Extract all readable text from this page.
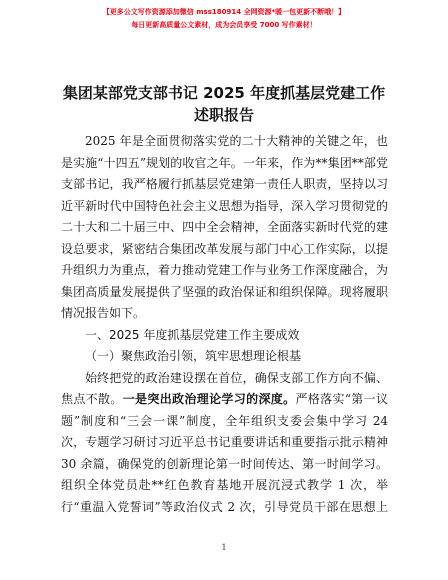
【更多公文写作资源添加微信 mss180914 全网资源*暖一包更新不断哦！】
每日更新高质量公文素材，成为会员享受 7000 写作素材！
集团某部党支部书记 2025 年度抓基层党建工作
述职报告

2025 年是全面贯彻落实党的二十大精神的关键之年，也是实施“十四五”规划的收官之年。一年来，作为**集团**部党支部书记，我严格履行抓基层党建第一责任人职责，坚持以习近平新时代中国特色社会主义思想为指导，深入学习贯彻党的二十大和二十届三中、四中全会精神，全面落实新时代党的建设总要求，紧密结合集团改革发展与部门中心工作实际，以提升组织力为重点，着力推动党建工作与业务工作深度融合，为集团高质量发展提供了坚强的政治保证和组织保障。现将履职情况报告如下。

一、2025 年度抓基层党建工作主要成效
（一）聚焦政治引领，筑牢思想理论根基

始终把党的政治建设摆在首位，确保支部工作方向不偏、焦点不散。一是突出政治理论学习的深度。严格落实“第一议题”制度和“三会一课”制度，全年组织支委会集中学习 24 次，专题学习研讨习近平总书记重要讲话和重要指示批示精神 30 余篇，确保党的创新理论第一时间传达、第一时间学习。组织全体党员赴**红色教育基地开展沉浸式教学 1 次，举行“重温入党誓词”等政治仪式 2 次，引导党员干部在思想上

1
